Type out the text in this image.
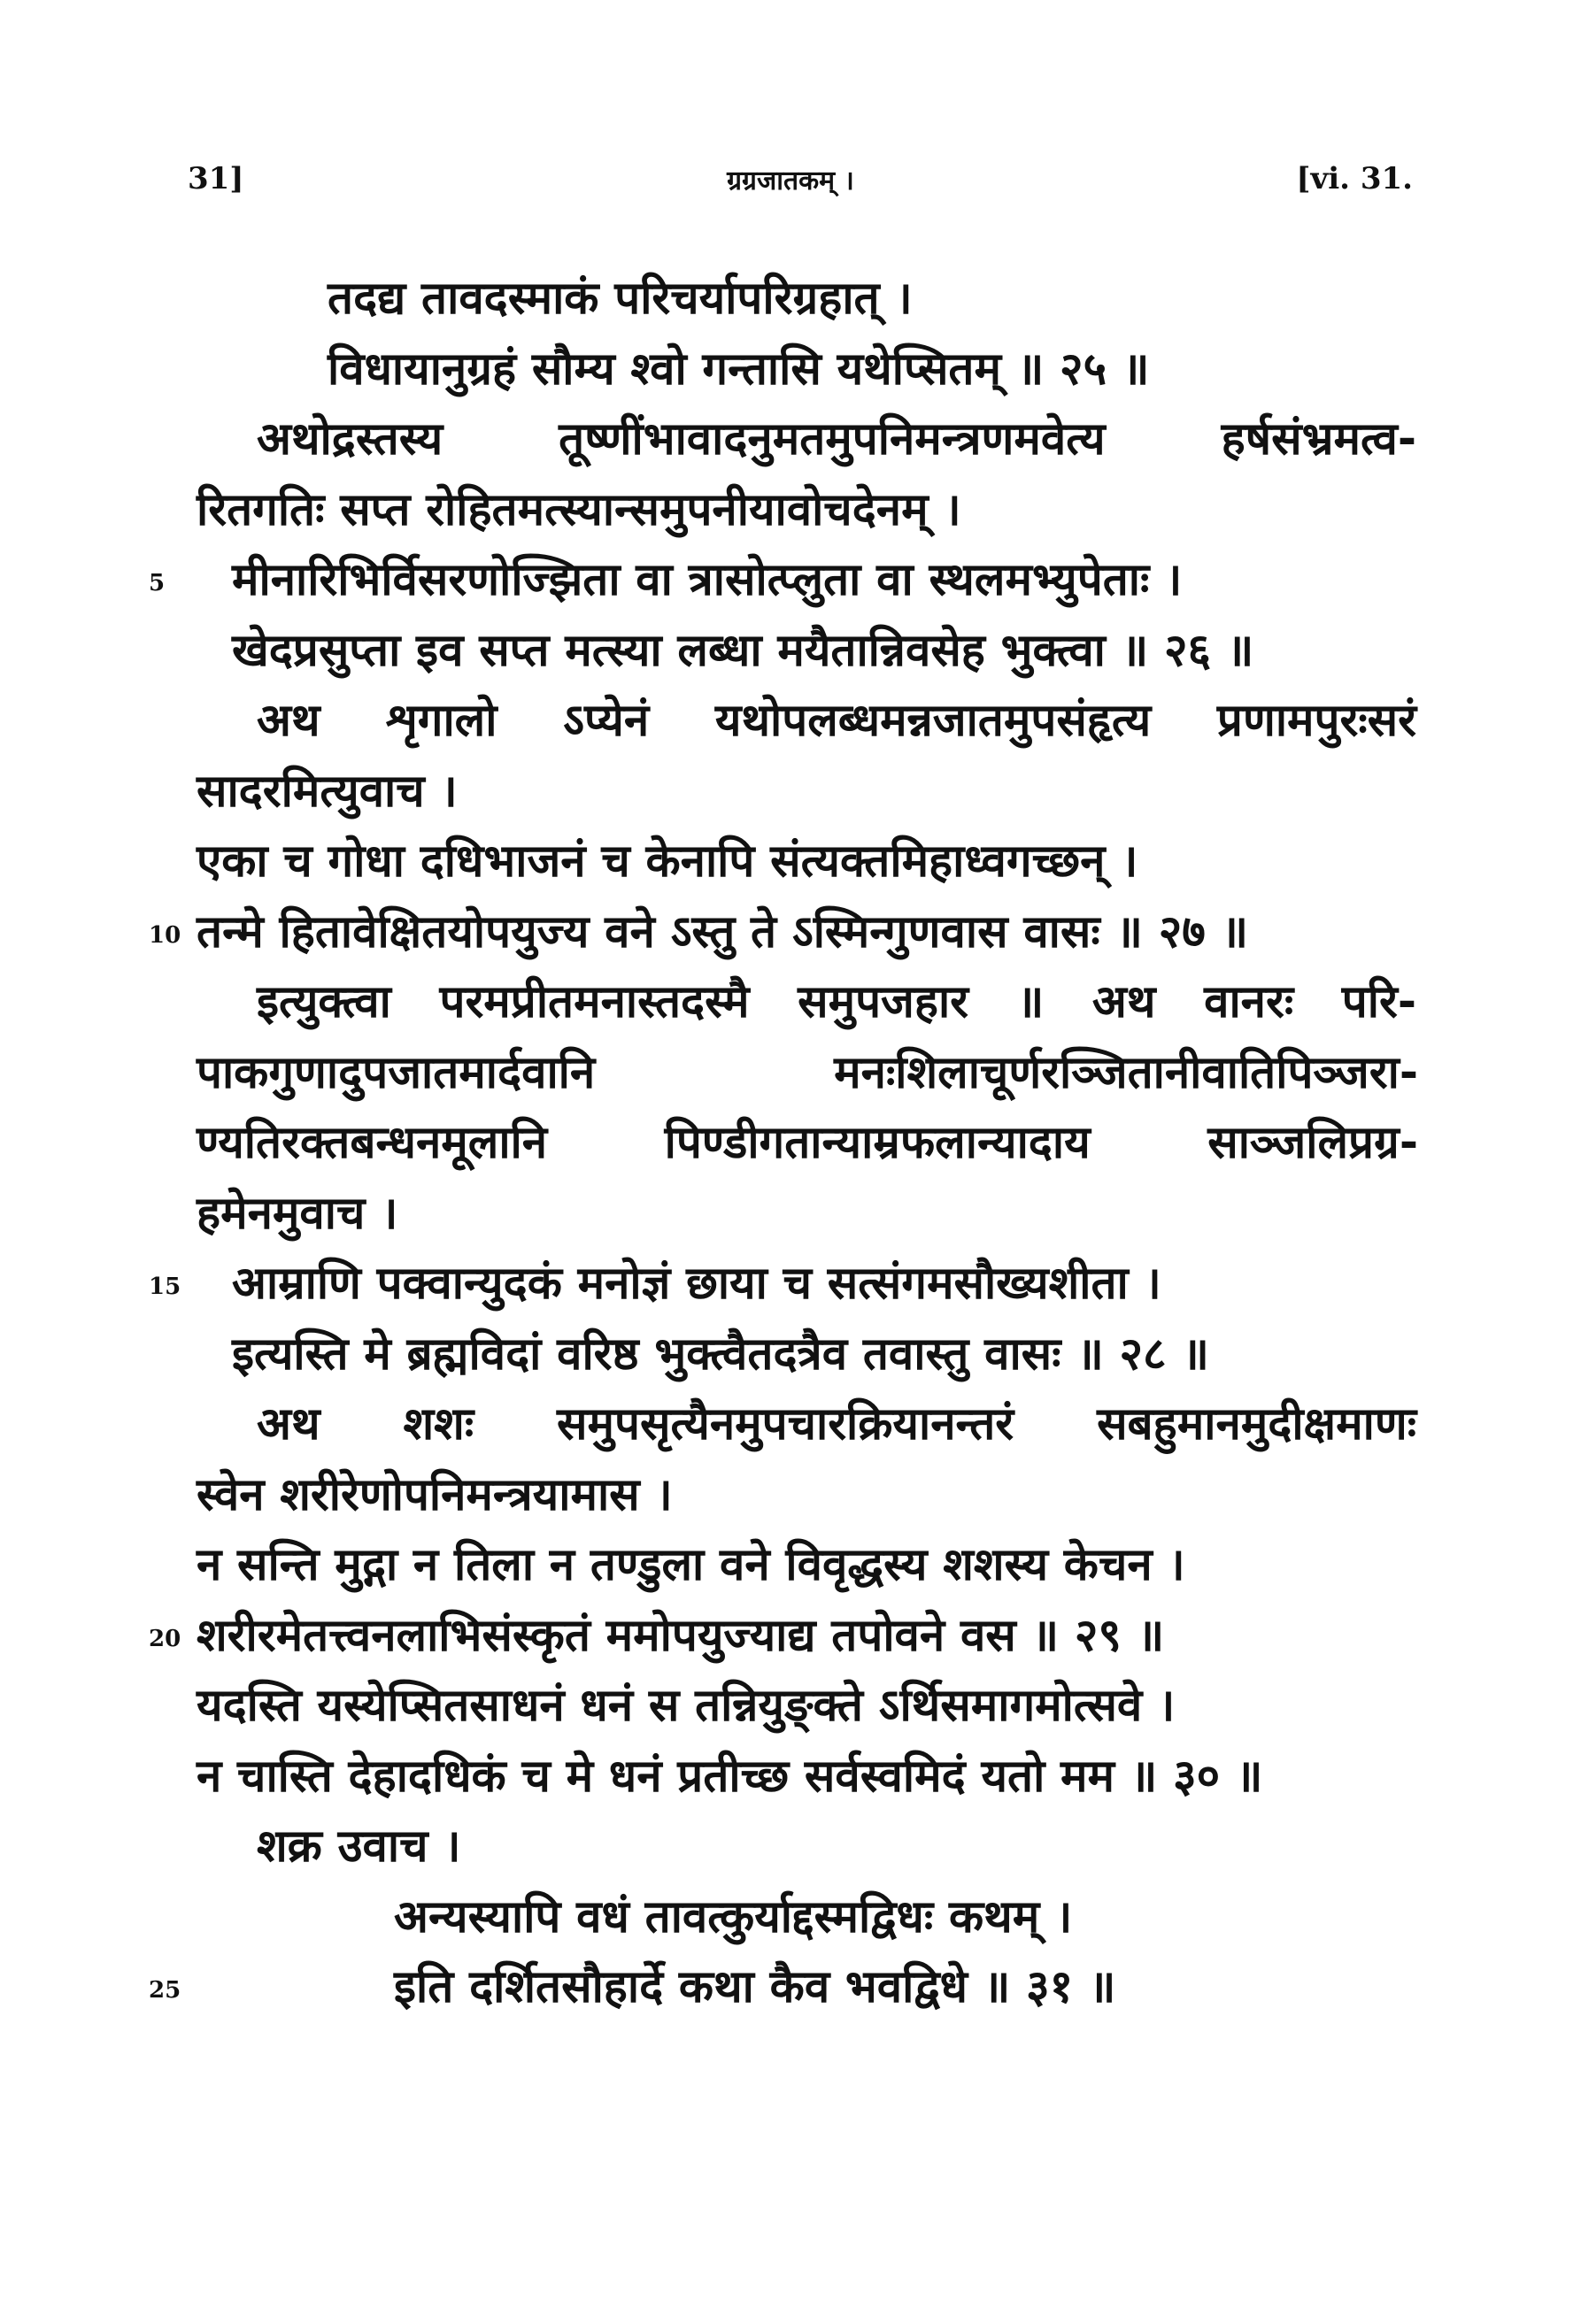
31]	ग्रग्रजातकम् ।	[vi. 31.
तदद्य तावदस्माकं परिचर्यापरिग्रहात् ।
विधायानुग्रहं सौम्य श्वो गन्तासि यथेप्सितम् ॥ २५ ॥
अथोद्रस्तस्य तूष्णींभावादनुमतमुपनिमन्त्रणमवेत्य हर्षसंभ्रमत्व-
रितगतिः सप्त रोहितमत्स्यान्समुपनीयावोचदेनम् ।
5 मीनारिभिर्विसरणोज्झिता वा त्रासोत्प्लुता वा स्थलमभ्युपेताः ।
खेदप्रसुप्ता इव सप्त मत्स्या लब्धा मयैतान्निवसेह भुक्त्वा ॥ २६ ॥
अथ शृगालो ऽप्येनं यथोपलब्धमन्नजातमुपसंहृत्य प्रणामपुरःसरं
सादरमित्युवाच ।
एका च गोधा दधिभाजनं च केनापि संत्यक्तमिहाध्वगच्छन् ।
10 तन्मे हितावेक्षितयोपयुज्य वने ऽस्तु ते ऽस्मिन्गुणवास वासः ॥ २७ ॥
इत्युक्त्वा परमप्रीतमनास्तदस्मै समुपजहार ॥ अथ वानरः परि-
पाकगुणादुपजातमार्दवानि मनःशिलाचूर्णरञ्जितानीवातिपिञ्जरा-
ण्यतिरक्तबन्धनमूलानि पिण्डीगतान्याम्रफलान्यादाय साञ्जलिप्रग्र-
हमेनमुवाच ।
15 आम्राणि पक्वान्युदकं मनोज्ञं छाया च सत्संगमसौख्यशीता ।
इत्यस्ति मे ब्रह्मविदां वरिष्ठ भुक्त्वैतदत्रैव तवास्तु वासः ॥ २८ ॥
अथ शशः समुपसृत्यैनमुपचारक्रियानन्तरं सबहुमानमुदीक्षमाणः
स्वेन शरीरेणोपनिमन्त्रयामास ।
न सन्ति मुद्गा न तिला न तण्डुला वने विवृद्धस्य शशस्य केचन ।
20 शरीरमेतत्त्वनलाभिसंस्कृतं ममोपयुज्याद्य तपोवने वस ॥ २९ ॥
यदस्ति यस्येप्सितसाधनं धनं स तन्नियुङ्क्ते ऽर्थिसमागमोत्सवे ।
न चास्ति देहादधिकं च मे धनं प्रतीच्छ सर्वस्वमिदं यतो मम ॥ ३० ॥
शक्र उवाच ।
अन्यस्यापि वधं तावत्कुर्याद्दस्मद्विधः कथम् ।
25	इति दर्शितसौहार्दे कथा कैव भवद्विधे ॥ ३१ ॥
